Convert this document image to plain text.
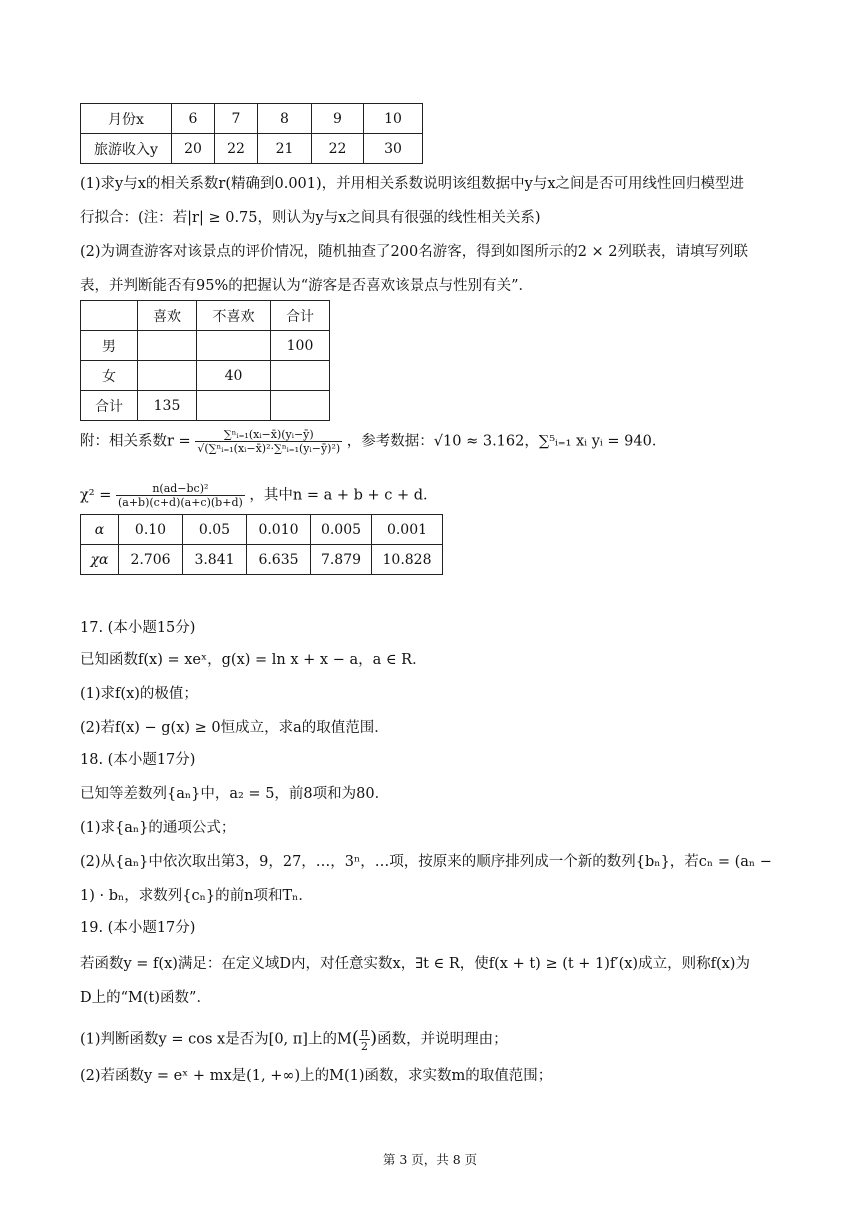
月份x	6	7	8	9	10
旅游收入y	20	22	21	22	30
(1)求y与x的相关系数r(精确到0.001)，并用相关系数说明该组数据中y与x之间是否可用线性回归模型进
行拟合：(注：若|r| ≥ 0.75，则认为y与x之间具有很强的线性相关关系)
(2)为调查游客对该景点的评价情况，随机抽查了200名游客，得到如图所示的2 × 2列联表，请填写列联
表，并判断能否有95%的把握认为“游客是否喜欢该景点与性别有关”．
	喜欢	不喜欢	合计
男			100
女		40	
合计	135		
附：相关系数$r = \frac{\text{∑ⁿᵢ₌₁(xᵢ−x̄)(yᵢ−ȳ)}}{\text{√(∑ⁿᵢ₌₁(xᵢ−x̄)²·∑ⁿᵢ₌₁(yᵢ−ȳ)²)}}$ ，参考数据：√10 ≈ 3.162，∑⁵ᵢ₌₁ xᵢ yᵢ = 940．
$\chi^2 = \frac{\text{n(ad−bc)²}}{(a+b)(c+d)(a+c)(b+d)}$ ，其中n = a + b + c + d．
α	0.10	0.05	0.010	0.005	0.001
χα	2.706	3.841	6.635	7.879	10.828
17. (本小题15分)
已知函数f(x) = xeˣ，g(x) = ln x + x − a，a ∈ R．
(1)求f(x)的极值；
(2)若f(x) − g(x) ≥ 0恒成立，求a的取值范围．
18. (本小题17分)
已知等差数列{aₙ}中，a₂ = 5，前8项和为80．
(1)求{aₙ}的通项公式；
(2)从{aₙ}中依次取出第3，9，27，…，3ⁿ，…项，按原来的顺序排列成一个新的数列{bₙ}，若cₙ = (aₙ −
1) · bₙ，求数列{cₙ}的前n项和Tₙ．
19. (本小题17分)
若函数y = f(x)满足：在定义域D内，对任意实数x，∃t ∈ R，使f(x + t) ≥ (t + 1)f′(x)成立，则称f(x)为
D上的“M(t)函数”．
(1)判断函数y = cos x是否为[0, π]上的$M( \frac{\pi}{2}$ )函数，并说明理由；
(2)若函数y = eˣ + mx是(1, +∞)上的M(1)函数，求实数m的取值范围；
第 3 页，共 8 页
